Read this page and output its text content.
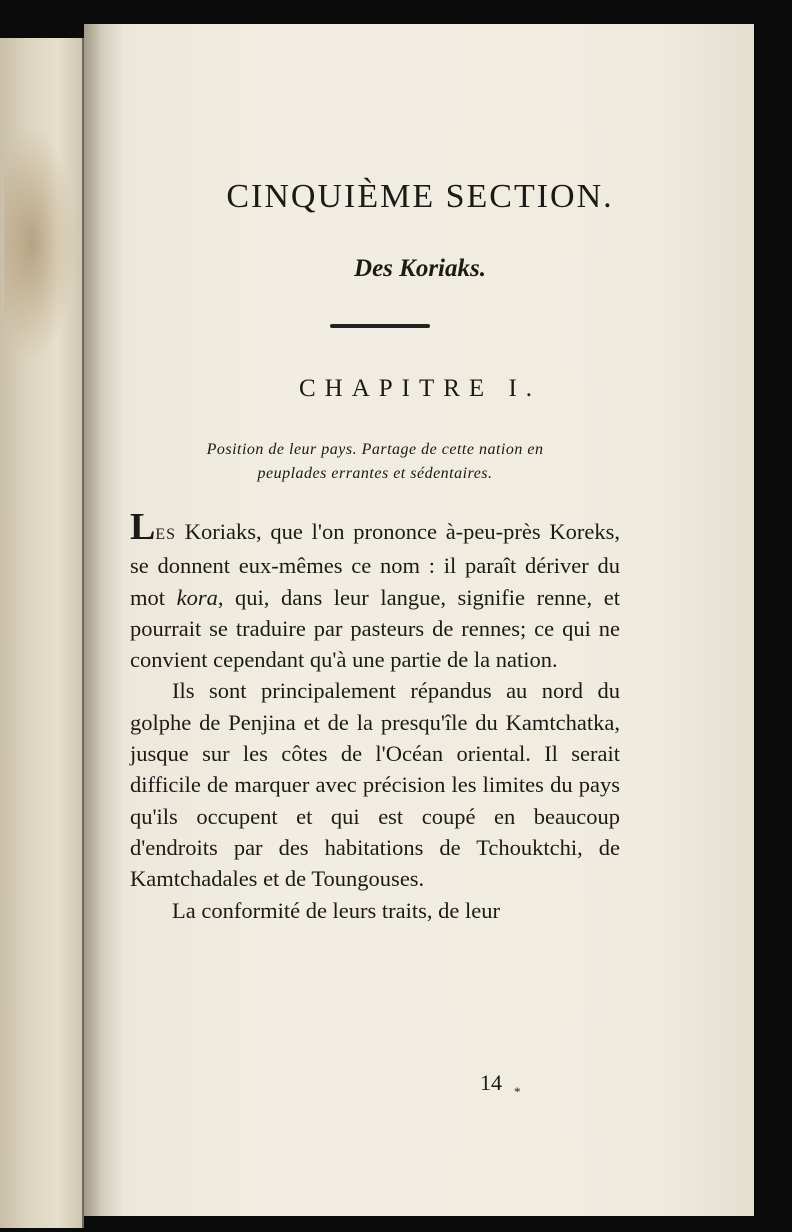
CINQUIÈME SECTION.
Des Koriaks.
CHAPITRE I.

Position de leur pays. Partage de cette nation en
peuplades errantes et sédentaires.

LES Koriaks, que l'on prononce à-peu-près Koreks, se donnent eux-mêmes ce nom : il paraît dériver du mot kora, qui, dans leur langue, signifie renne, et pourrait se traduire par pasteurs de rennes; ce qui ne convient cependant qu'à une partie de la nation.

Ils sont principalement répandus au nord du golphe de Penjina et de la presqu'île du Kamtchatka, jusque sur les côtes de l'Océan oriental. Il serait difficile de marquer avec précision les limites du pays qu'ils occupent et qui est coupé en beaucoup d'endroits par des habitations de Tchouktchi, de Kamtchadales et de Toungouses.

La conformité de leurs traits, de leur

14 *
